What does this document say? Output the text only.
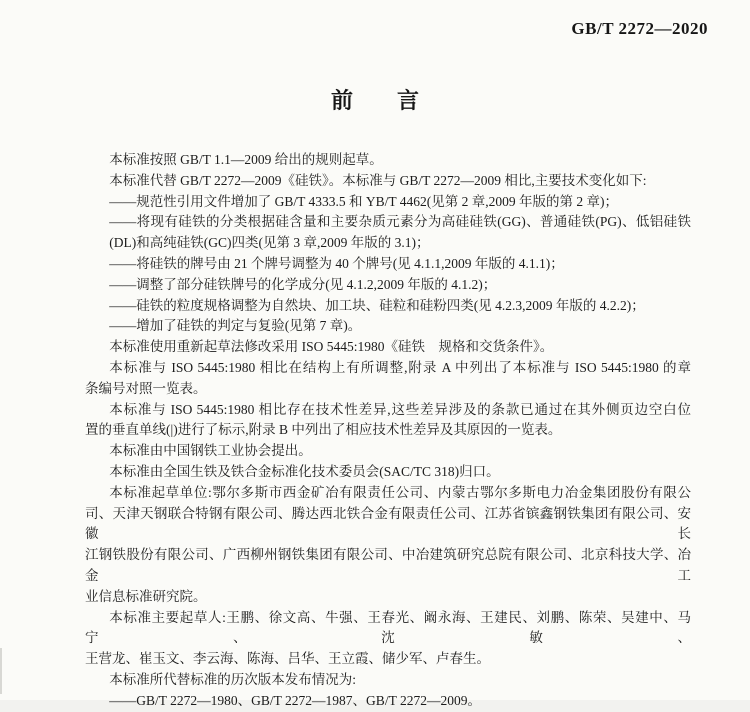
GB/T 2272—2020
前　　言
本标准按照 GB/T 1.1—2009 给出的规则起草。
本标准代替 GB/T 2272—2009《硅铁》。本标准与 GB/T 2272—2009 相比,主要技术变化如下:
——规范性引用文件增加了 GB/T 4333.5 和 YB/T 4462(见第 2 章,2009 年版的第 2 章)；
——将现有硅铁的分类根据硅含量和主要杂质元素分为高硅硅铁(GG)、普通硅铁(PG)、低铝硅铁
(DL)和高纯硅铁(GC)四类(见第 3 章,2009 年版的 3.1)；
——将硅铁的牌号由 21 个牌号调整为 40 个牌号(见 4.1.1,2009 年版的 4.1.1)；
——调整了部分硅铁牌号的化学成分(见 4.1.2,2009 年版的 4.1.2)；
——硅铁的粒度规格调整为自然块、加工块、硅粒和硅粉四类(见 4.2.3,2009 年版的 4.2.2)；
——增加了硅铁的判定与复验(见第 7 章)。
本标准使用重新起草法修改采用 ISO 5445:1980《硅铁　规格和交货条件》。
本标准与 ISO 5445:1980 相比在结构上有所调整,附录 A 中列出了本标准与 ISO 5445:1980 的章
条编号对照一览表。
本标准与 ISO 5445:1980 相比存在技术性差异,这些差异涉及的条款已通过在其外侧页边空白位
置的垂直单线(|)进行了标示,附录 B 中列出了相应技术性差异及其原因的一览表。
本标准由中国钢铁工业协会提出。
本标准由全国生铁及铁合金标准化技术委员会(SAC/TC 318)归口。
本标准起草单位:鄂尔多斯市西金矿冶有限责任公司、内蒙古鄂尔多斯电力冶金集团股份有限公
司、天津天钢联合特钢有限公司、腾达西北铁合金有限责任公司、江苏省镔鑫钢铁集团有限公司、安徽长
江钢铁股份有限公司、广西柳州钢铁集团有限公司、中冶建筑研究总院有限公司、北京科技大学、冶金工
业信息标准研究院。
本标准主要起草人:王鹏、徐文高、牛强、王春光、阚永海、王建民、刘鹏、陈荣、吴建中、马宁、沈敏、
王营龙、崔玉文、李云海、陈海、吕华、王立霞、储少军、卢春生。
本标准所代替标准的历次版本发布情况为:
——GB/T 2272—1980、GB/T 2272—1987、GB/T 2272—2009。
